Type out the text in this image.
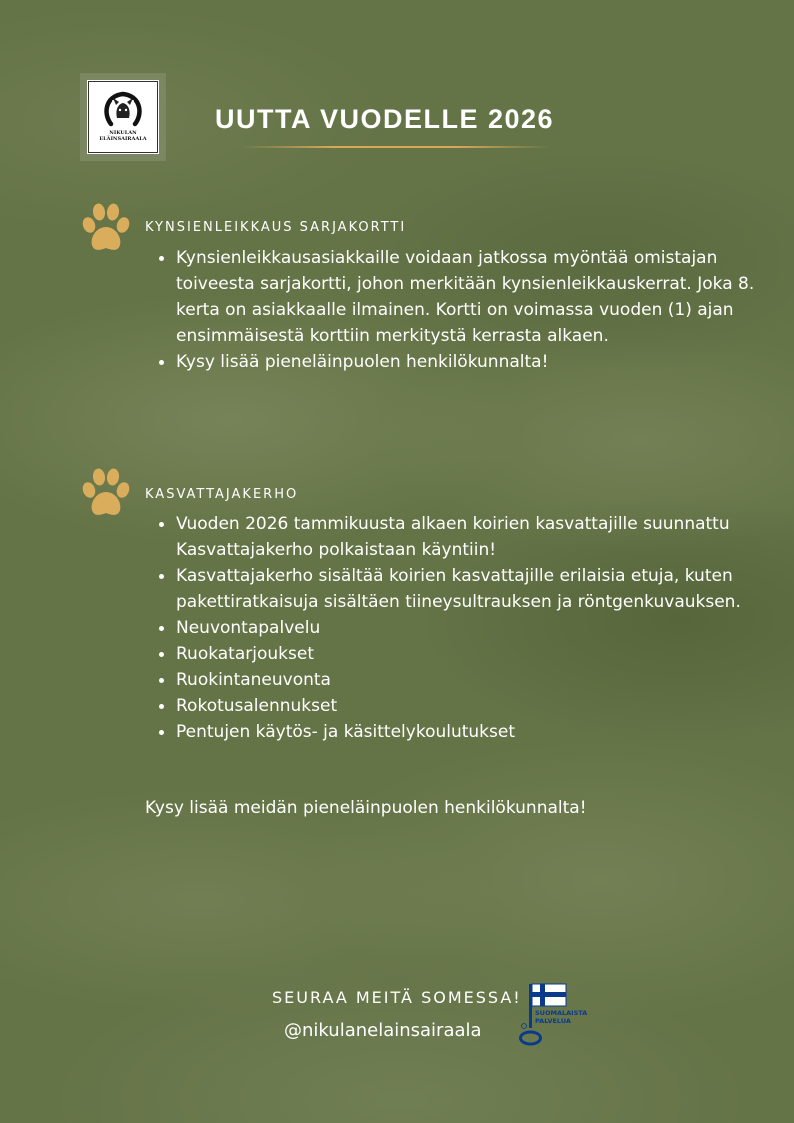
NIKULAN
ELÄINSAIRAALA
UUTTA VUODELLE 2026
KYNSIENLEIKKAUS SARJAKORTTI
Kynsienleikkausasiakkaille voidaan jatkossa myöntää omistajan toiveesta sarjakortti, johon merkitään kynsienleikkauskerrat. Joka 8. kerta on asiakkaalle ilmainen. Kortti on voimassa vuoden (1) ajan ensimmäisestä korttiin merkitystä kerrasta alkaen.
Kysy lisää pieneläinpuolen henkilökunnalta!
KASVATTAJAKERHO
Vuoden 2026 tammikuusta alkaen koirien kasvattajille suunnattu Kasvattajakerho polkaistaan käyntiin!
Kasvattajakerho sisältää koirien kasvattajille erilaisia etuja, kuten pakettiratkaisuja sisältäen tiineysultrauksen ja röntgenkuvauksen.
Neuvontapalvelu
Ruokatarjoukset
Ruokintaneuvonta
Rokotusalennukset
Pentujen käytös- ja käsittelykoulutukset

Kysy lisää meidän pieneläinpuolen henkilökunnalta!

SEURAA MEITÄ SOMESSA!

@nikulanelainsairaala

SUOMALAISTA
PALVELUA
